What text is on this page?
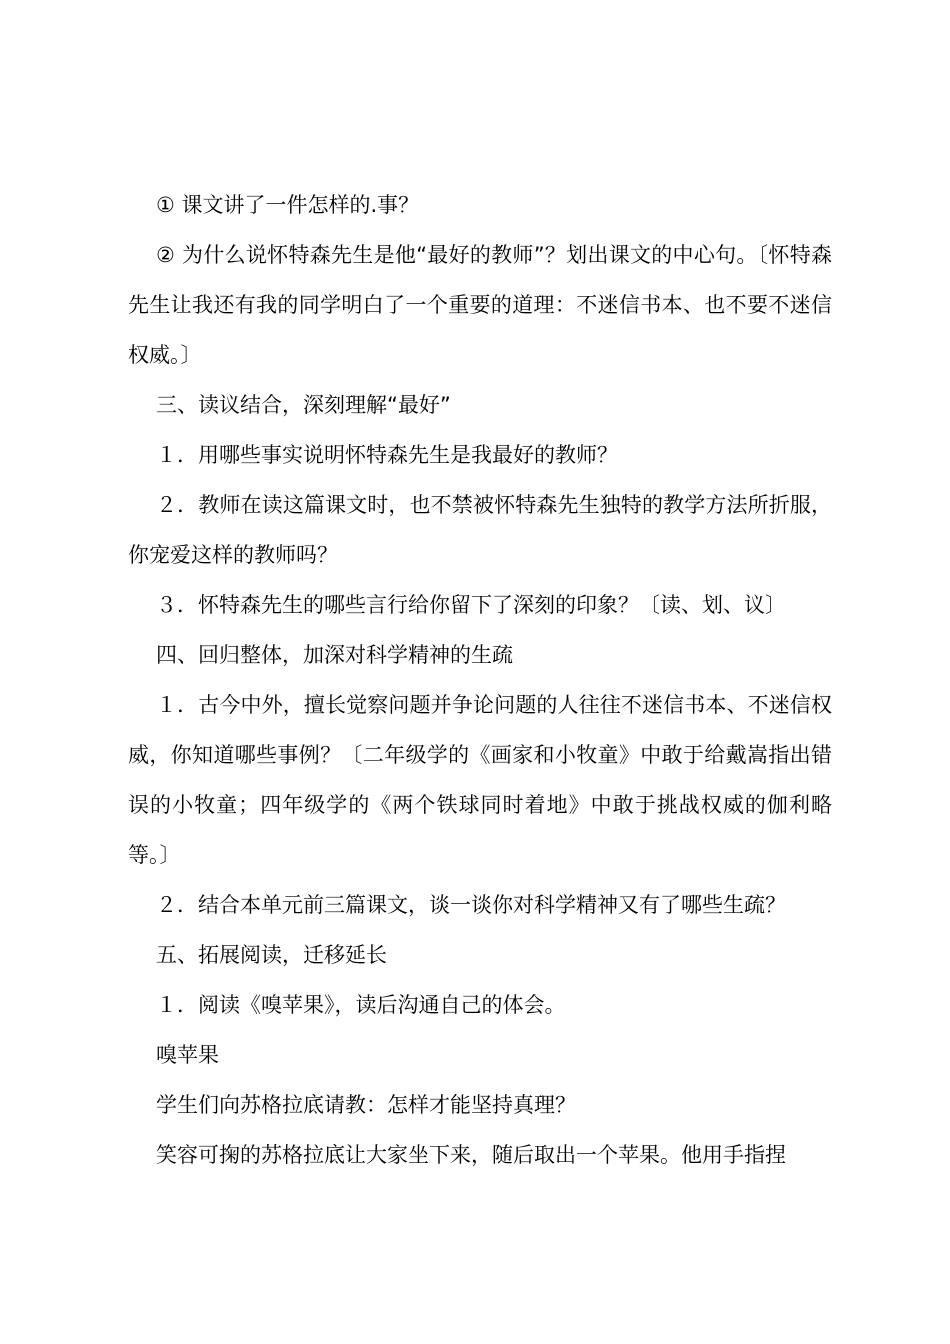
① 课文讲了一件怎样的.事？

② 为什么说怀特森先生是他“最好的教师”？划出课文的中心句。〔怀特森先生让我还有我的同学明白了一个重要的道理：不迷信书本、也不要不迷信权威。〕

三、读议结合，深刻理解“最好”

１．用哪些事实说明怀特森先生是我最好的教师？

２．教师在读这篇课文时，也不禁被怀特森先生独特的教学方法所折服，你宠爱这样的教师吗？

３．怀特森先生的哪些言行给你留下了深刻的印象？〔读、划、议〕

四、回归整体，加深对科学精神的生疏

１．古今中外，擅长觉察问题并争论问题的人往往不迷信书本、不迷信权威，你知道哪些事例？〔二年级学的《画家和小牧童》中敢于给戴嵩指出错误的小牧童；四年级学的《两个铁球同时着地》中敢于挑战权威的伽利略等。〕

２．结合本单元前三篇课文，谈一谈你对科学精神又有了哪些生疏？

五、拓展阅读，迁移延长

１．阅读《嗅苹果》，读后沟通自己的体会。

嗅苹果

学生们向苏格拉底请教：怎样才能坚持真理？

笑容可掬的苏格拉底让大家坐下来，随后取出一个苹果。他用手指捏
